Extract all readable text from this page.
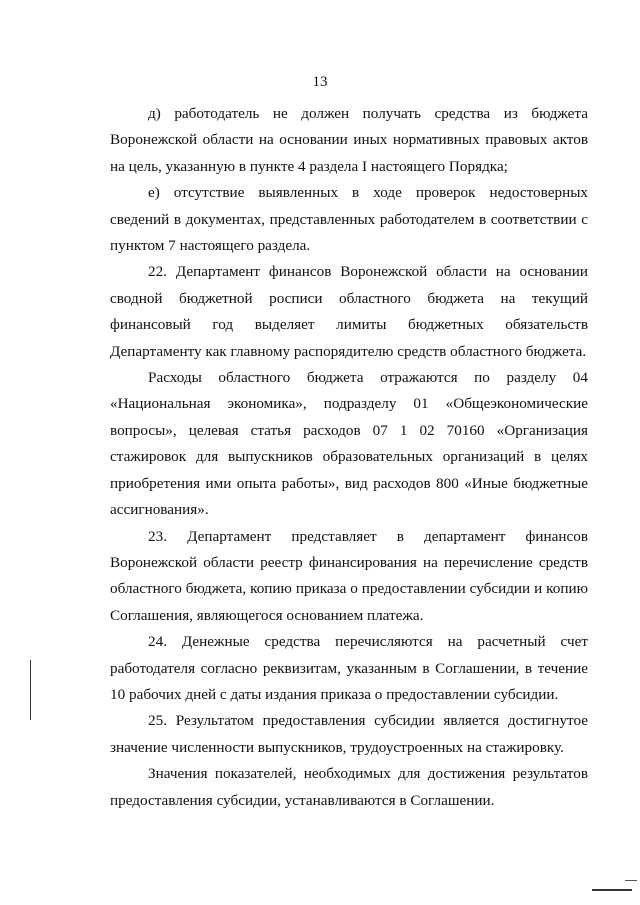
13

д) работодатель не должен получать средства из бюджета Воронежской области на основании иных нормативных правовых актов на цель, указанную в пункте 4 раздела I настоящего Порядка;

е) отсутствие выявленных в ходе проверок недостоверных сведений в документах, представленных работодателем в соответствии с пунктом 7 настоящего раздела.

22. Департамент финансов Воронежской области на основании сводной бюджетной росписи областного бюджета на текущий финансовый год выделяет лимиты бюджетных обязательств Департаменту как главному распорядителю средств областного бюджета.

Расходы областного бюджета отражаются по разделу 04 «Национальная экономика», подразделу 01 «Общеэкономические вопросы», целевая статья расходов 07 1 02 70160 «Организация стажировок для выпускников образовательных организаций в целях приобретения ими опыта работы», вид расходов 800 «Иные бюджетные ассигнования».

23. Департамент представляет в департамент финансов Воронежской области реестр финансирования на перечисление средств областного бюджета, копию приказа о предоставлении субсидии и копию Соглашения, являющегося основанием платежа.

24. Денежные средства перечисляются на расчетный счет работодателя согласно реквизитам, указанным в Соглашении, в течение 10 рабочих дней с даты издания приказа о предоставлении субсидии.

25. Результатом предоставления субсидии является достигнутое значение численности выпускников, трудоустроенных на стажировку.

Значения показателей, необходимых для достижения результатов предоставления субсидии, устанавливаются в Соглашении.
